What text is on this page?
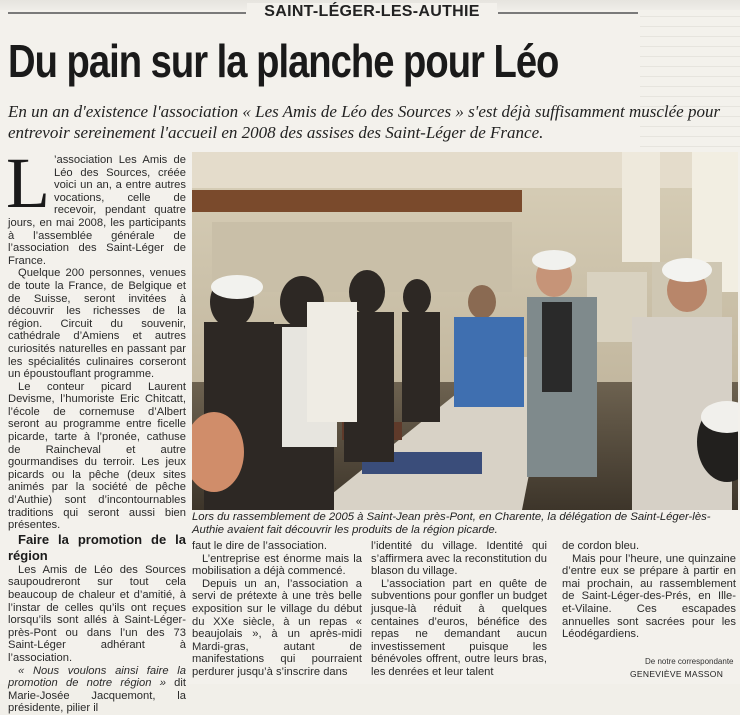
SAINT-LÉGER-LES-AUTHIE
Du pain sur la planche pour Léo
En un an d'existence l'association « Les Amis de Léo des Sources » s'est déjà suffisamment musclée pour entrevoir sereinement l'accueil en 2008 des assises des Saint-Léger de France.

L ’association Les Amis de Léo des Sources, créée voici un an, a entre autres vocations, celle de recevoir, pendant quatre jours, en mai 2008, les participants à l’assemblée générale de l’association des Saint-Léger de France.

Quelque 200 personnes, venues de toute la France, de Belgique et de Suisse, seront invitées à découvrir les richesses de la région. Circuit du souvenir, cathédrale d’Amiens et autres curiosités naturelles en passant par les spécialités culinaires corseront un époustouflant programme.

Le conteur picard Laurent Devisme, l’humoriste Eric Chitcatt, l’école de cornemuse d’Albert seront au programme entre ficelle picarde, tarte à l’pronée, cathuse de Raincheval et autre gourmandises du terroir. Les jeux picards ou la pêche (deux sites animés par la société de pêche d’Authie) sont d’incontournables traditions qui seront aussi bien présentes.

Faire la promotion de la région

Les Amis de Léo des Sources saupoudreront sur tout cela beaucoup de chaleur et d’amitié, à l’instar de celles qu’ils ont reçues lorsqu’ils sont allés à Saint-Léger-près-Pont ou dans l’un des 73 Saint-Léger adhérant à l’association.

« Nous voulons ainsi faire la promotion de notre région » dit Marie-Josée Jacquemont, la présidente, pilier il

Lors du rassemblement de 2005 à Saint-Jean près-Pont, en Charente, la délégation de Saint-Léger-lès-Authie avaient fait découvrir les produits de la région picarde.

faut le dire de l’association.

L’entreprise est énorme mais la mobilisation a déjà commencé.

Depuis un an, l’association a servi de prétexte à une très belle exposition sur le village du début du XXe siècle, à un repas « beaujolais », à un après-midi Mardi-gras, autant de manifestations qui pourraient perdurer jusqu’à s’inscrire dans

l’identité du village. Identité qui s’affirmera avec la reconstitution du blason du village.

L’association part en quête de subventions pour gonfler un budget jusque-là réduit à quelques centaines d’euros, bénéfice des repas ne demandant aucun investissement puisque les bénévoles offrent, outre leurs bras, les denrées et leur talent

de cordon bleu.

Mais pour l’heure, une quinzaine d’entre eux se prépare à partir en mai prochain, au rassemblement de Saint-Léger-des-Prés, en Ille-et-Vilaine. Ces escapades annuelles sont sacrées pour les Léodégardiens.

De notre correspondante
GENEVIÈVE MASSON
